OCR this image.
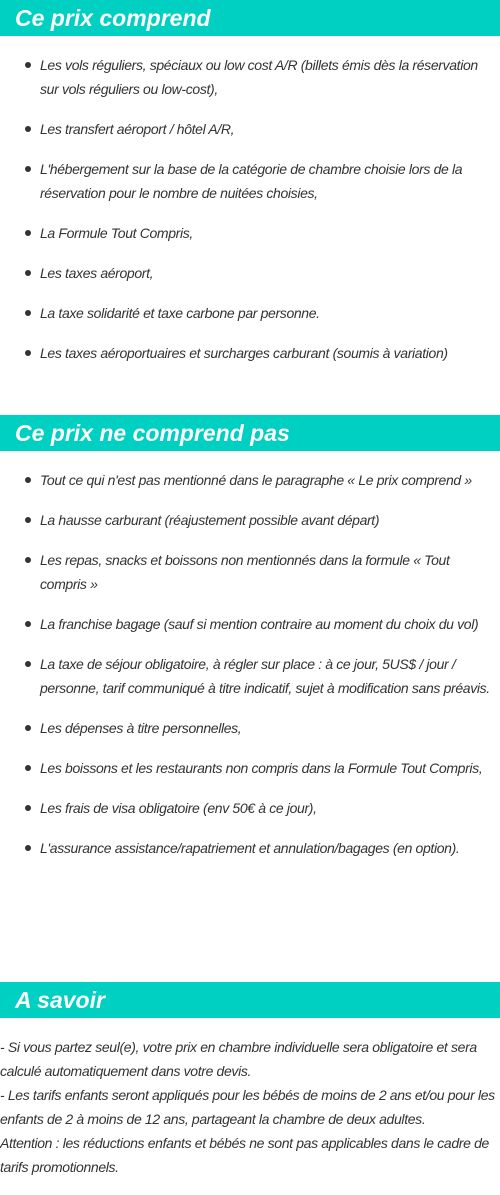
Ce prix comprend
Les vols réguliers, spéciaux ou low cost A/R (billets émis dès la réservation sur vols réguliers ou low-cost),
Les transfert aéroport / hôtel A/R,
L'hébergement sur la base de la catégorie de chambre choisie lors de la réservation pour le nombre de nuitées choisies,
La Formule Tout Compris,
Les taxes aéroport,
La taxe solidarité et taxe carbone par personne.
Les taxes aéroportuaires et surcharges carburant (soumis à variation)
Ce prix ne comprend pas
Tout ce qui n'est pas mentionné dans le paragraphe « Le prix comprend »
La hausse carburant (réajustement possible avant départ)
Les repas, snacks et boissons non mentionnés dans la formule « Tout compris »
La franchise bagage (sauf si mention contraire au moment du choix du vol)
La taxe de séjour obligatoire, à régler sur place : à ce jour, 5US$ / jour / personne, tarif communiqué à titre indicatif, sujet à modification sans préavis.
Les dépenses à titre personnelles,
Les boissons et les restaurants non compris dans la Formule Tout Compris,
Les frais de visa obligatoire (env 50€ à ce jour),
L'assurance assistance/rapatriement et annulation/bagages (en option).
A savoir
- Si vous partez seul(e), votre prix en chambre individuelle sera obligatoire et sera calculé automatiquement dans votre devis.
- Les tarifs enfants seront appliqués pour les bébés de moins de 2 ans et/ou pour les enfants de 2 à moins de 12 ans, partageant la chambre de deux adultes.
Attention : les réductions enfants et bébés ne sont pas applicables dans le cadre de tarifs promotionnels.
